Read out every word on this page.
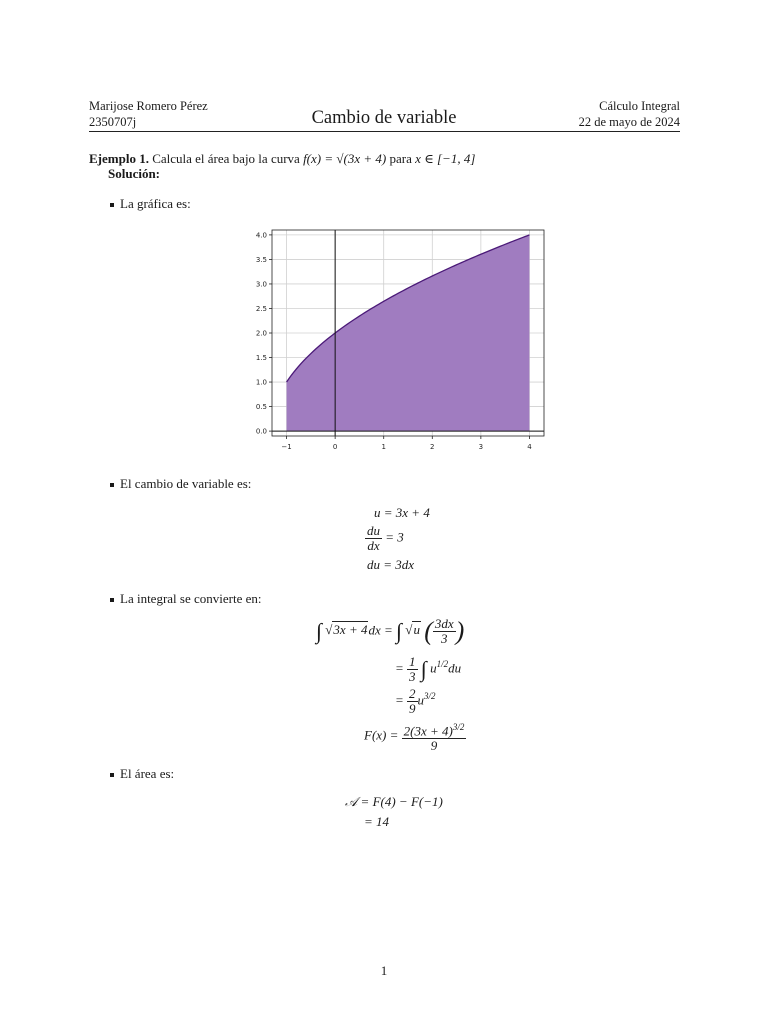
Marijose Romero Pérez
2350707j	Cambio de variable
Cálculo Integral
22 de mayo de 2024
Ejemplo 1. Calcula el área bajo la curva f(x) = √(3x + 4) para x ∈ [−1, 4]
Solución:
La gráfica es:
−1	0	1	2	3	4
0.0
0.5
1.0
1.5
2.0
2.5
3.0
3.5
4.0
El cambio de variable es:
u = 3x + 4
$\frac{du}{dx} = 3$
du = 3dx
La integral se convierte en:
∫ √ 3x + 4 dx = ∫ √ u ( $\frac{3dx}{3}$ )
= $\frac{1}{3}$ ∫ $u^{1/2}du$
= $\frac{2}{9} u^{3/2}$
$F(x) = \frac{2(3x + 4)^{3/2}}{9}$
El área es:
𝒜 = F(4) − F(−1)
= 14
1
